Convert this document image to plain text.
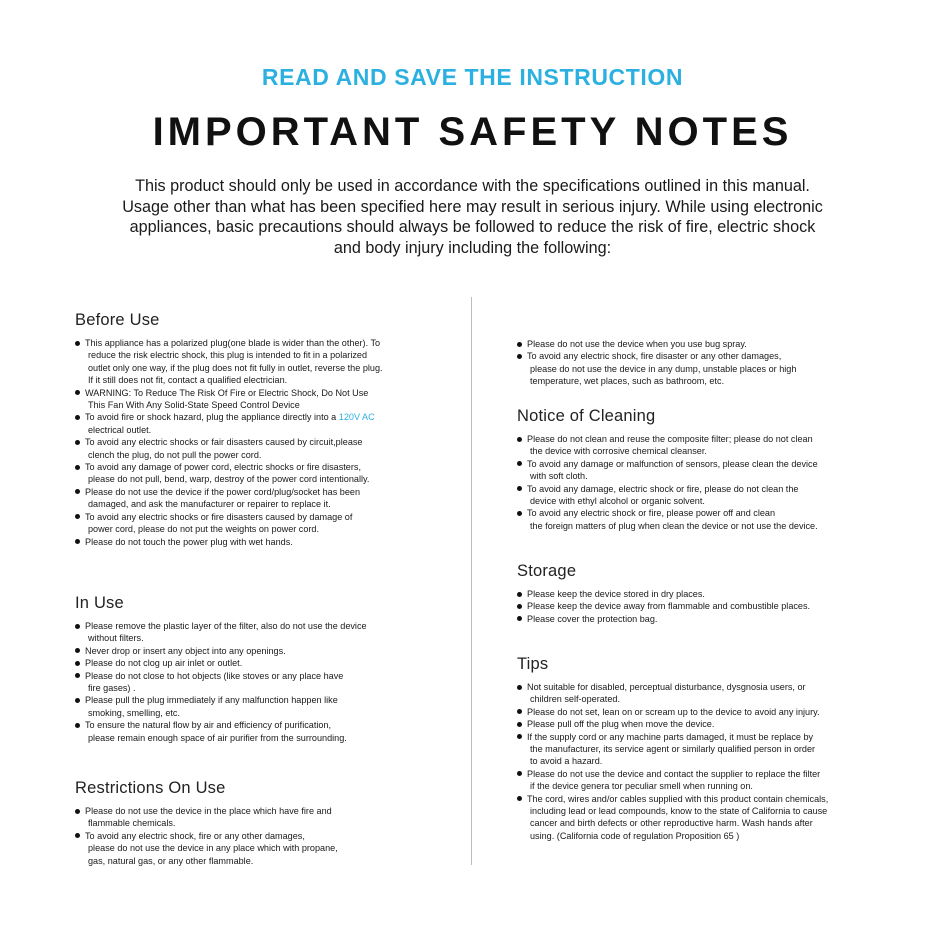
READ AND SAVE THE INSTRUCTION
IMPORTANT SAFETY NOTES
This product should only be used in accordance with the specifications outlined in this manual.
Usage other than what has been specified here may result in serious injury. While using electronic
appliances, basic precautions should always be followed to reduce the risk of fire, electric shock
and body injury including the following:
Before Use
This appliance has a polarized plug(one blade is wider than the other). To
reduce the risk electric shock, this plug is intended to fit in a polarized
outlet only one way, if the plug does not fit fully in outlet, reverse the plug.
If it still does not fit, contact a qualified electrician.
WARNING: To Reduce The Risk Of Fire or Electric Shock, Do Not Use
This Fan With Any Solid-State Speed Control Device
To avoid fire or shock hazard, plug the appliance directly into a 120V AC
electrical outlet.
To avoid any electric shocks or fair disasters caused by circuit,please
clench the plug, do not pull the power cord.
To avoid any damage of power cord, electric shocks or fire disasters,
please do not pull, bend, warp, destroy of the power cord intentionally.
Please do not use the device if the power cord/plug/socket has been
damaged, and ask the manufacturer or repairer to replace it.
To avoid any electric shocks or fire disasters caused by damage of
power cord, please do not put the weights on power cord.
Please do not touch the power plug with wet hands.
In Use
Please remove the plastic layer of the filter, also do not use the device
without filters.
Never drop or insert any object into any openings.
Please do not clog up air inlet or outlet.
Please do not close to hot objects (like stoves or any place have
fire gases) .
Please pull the plug immediately if any malfunction happen like
smoking, smelling, etc.
To ensure the natural flow by air and efficiency of purification,
please remain enough space of air purifier from the surrounding.
Restrictions On Use
Please do not use the device in the place which have fire and
flammable chemicals.
To avoid any electric shock, fire or any other damages,
please do not use the device in any place which with propane,
gas, natural gas, or any other flammable.
Please do not use the device when you use bug spray.
To avoid any electric shock, fire disaster or any other damages,
please do not use the device in any dump, unstable places or high
temperature, wet places, such as bathroom, etc.
Notice of Cleaning
Please do not clean and reuse the composite filter; please do not clean
the device with corrosive chemical cleanser.
To avoid any damage or malfunction of sensors, please clean the device
with soft cloth.
To avoid any damage, electric shock or fire, please do not clean the
device with ethyl alcohol or organic solvent.
To avoid any electric shock or fire, please power off and clean
the foreign matters of plug when clean the device or not use the device.
Storage
Please keep the device stored in dry places.
Please keep the device away from flammable and combustible places.
Please cover the protection bag.
Tips
Not suitable for disabled, perceptual disturbance, dysgnosia users, or
children self-operated.
Please do not set, lean on or scream up to the device to avoid any injury.
Please pull off the plug when move the device.
If the supply cord or any machine parts damaged, it must be replace by
the manufacturer, its service agent or similarly qualified person in order
to avoid a hazard.
Please do not use the device and contact the supplier to replace the filter
if the device genera tor peculiar smell when running on.
The cord, wires and/or cables supplied with this product contain chemicals,
including lead or lead compounds, know to the state of California to cause
cancer and birth defects or other reproductive harm. Wash hands after
using. (California code of regulation Proposition 65 )
